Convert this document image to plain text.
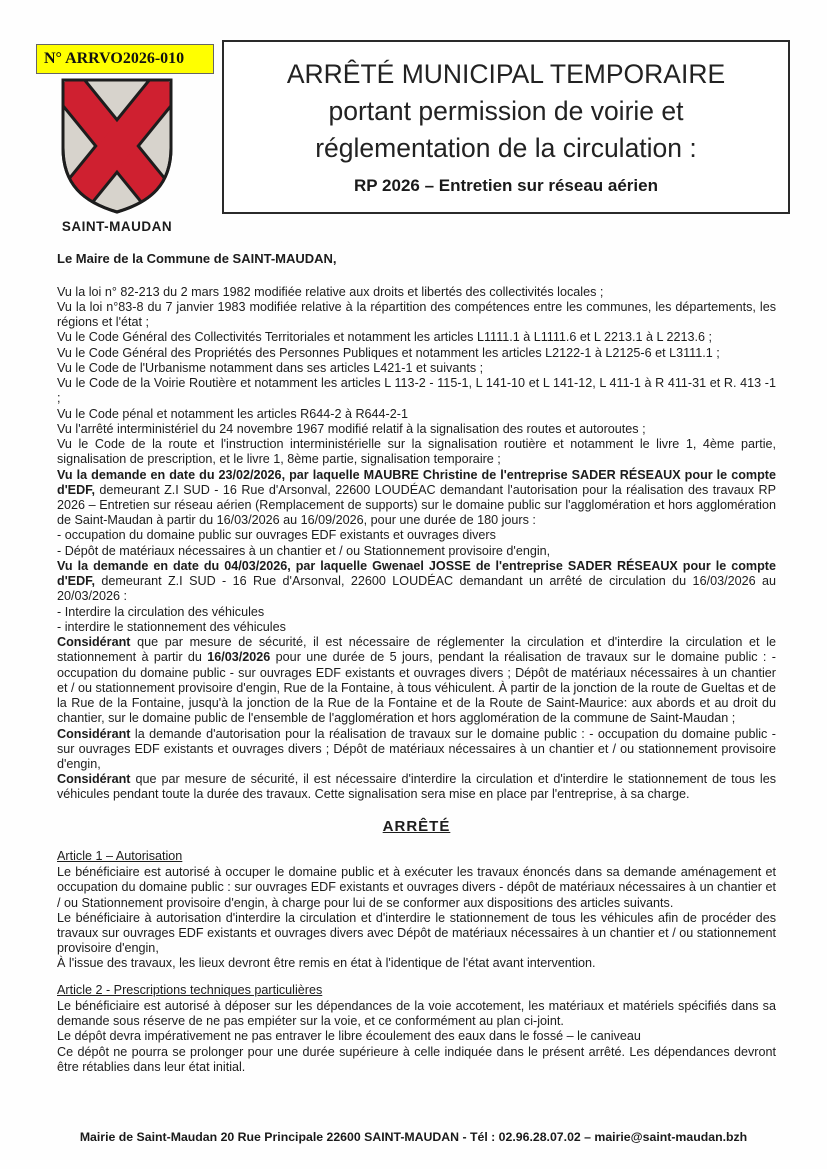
N° ARRVO2026-010
SAINT-MAUDAN
ARRÊTÉ MUNICIPAL TEMPORAIRE
portant permission de voirie et
réglementation de la circulation :
RP 2026 – Entretien sur réseau aérien

Le Maire de la Commune de SAINT-MAUDAN,

Vu la loi n° 82-213 du 2 mars 1982 modifiée relative aux droits et libertés des collectivités locales ;

Vu la loi n°83-8 du 7 janvier 1983 modifiée relative à la répartition des compétences entre les communes, les départements, les régions et l'état ;

Vu le Code Général des Collectivités Territoriales et notamment les articles L1111.1 à L1111.6 et L 2213.1 à L 2213.6 ;

Vu le Code Général des Propriétés des Personnes Publiques et notamment les articles L2122-1 à L2125-6 et L3111.1 ;

Vu le Code de l'Urbanisme notamment dans ses articles L421-1 et suivants ;

Vu le Code de la Voirie Routière et notamment les articles L 113-2 - 115-1, L 141-10 et L 141-12, L 411-1 à R 411-31 et R. 413 -1 ;

Vu le Code pénal et notamment les articles R644-2 à R644-2-1

Vu l'arrêté interministériel du 24 novembre 1967 modifié relatif à la signalisation des routes et autoroutes ;

Vu le Code de la route et l'instruction interministérielle sur la signalisation routière et notamment le livre 1, 4ème partie, signalisation de prescription, et le livre 1, 8ème partie, signalisation temporaire ;

Vu la demande en date du 23/02/2026, par laquelle MAUBRE Christine de l'entreprise SADER RÉSEAUX pour le compte d'EDF, demeurant Z.I SUD - 16 Rue d'Arsonval, 22600 LOUDÉAC demandant l'autorisation pour la réalisation des travaux RP 2026 – Entretien sur réseau aérien (Remplacement de supports) sur le domaine public sur l'agglomération et hors agglomération de Saint-Maudan à partir du 16/03/2026 au 16/09/2026, pour une durée de 180 jours :

- occupation du domaine public sur ouvrages EDF existants et ouvrages divers

- Dépôt de matériaux nécessaires à un chantier et / ou Stationnement provisoire d'engin,

Vu la demande en date du 04/03/2026, par laquelle Gwenael JOSSE de l'entreprise SADER RÉSEAUX pour le compte d'EDF, demeurant Z.I SUD - 16 Rue d'Arsonval, 22600 LOUDÉAC demandant un arrêté de circulation du 16/03/2026 au 20/03/2026 :

- Interdire la circulation des véhicules

- interdire le stationnement des véhicules

Considérant que par mesure de sécurité, il est nécessaire de réglementer la circulation et d'interdire la circulation et le stationnement à partir du 16/03/2026 pour une durée de 5 jours, pendant la réalisation de travaux sur le domaine public : - occupation du domaine public - sur ouvrages EDF existants et ouvrages divers ; Dépôt de matériaux nécessaires à un chantier et / ou stationnement provisoire d'engin, Rue de la Fontaine, à tous véhiculent. À partir de la jonction de la route de Gueltas et de la Rue de la Fontaine, jusqu'à la jonction de la Rue de la Fontaine et de la Route de Saint-Maurice: aux abords et au droit du chantier, sur le domaine public de l'ensemble de l'agglomération et hors agglomération de la commune de Saint-Maudan ;

Considérant la demande d'autorisation pour la réalisation de travaux sur le domaine public : - occupation du domaine public - sur ouvrages EDF existants et ouvrages divers ; Dépôt de matériaux nécessaires à un chantier et / ou stationnement provisoire d'engin,

Considérant que par mesure de sécurité, il est nécessaire d'interdire la circulation et d'interdire le stationnement de tous les véhicules pendant toute la durée des travaux. Cette signalisation sera mise en place par l'entreprise, à sa charge.

ARRÊTÉ
Article 1 – Autorisation

Le bénéficiaire est autorisé à occuper le domaine public et à exécuter les travaux énoncés dans sa demande aménagement et occupation du domaine public : sur ouvrages EDF existants et ouvrages divers - dépôt de matériaux nécessaires à un chantier et / ou Stationnement provisoire d'engin, à charge pour lui de se conformer aux dispositions des articles suivants.

Le bénéficiaire à autorisation d'interdire la circulation et d'interdire le stationnement de tous les véhicules afin de procéder des travaux sur ouvrages EDF existants et ouvrages divers avec Dépôt de matériaux nécessaires à un chantier et / ou stationnement provisoire d'engin,

À l'issue des travaux, les lieux devront être remis en état à l'identique de l'état avant intervention.

Article 2 - Prescriptions techniques particulières

Le bénéficiaire est autorisé à déposer sur les dépendances de la voie accotement, les matériaux et matériels spécifiés dans sa demande sous réserve de ne pas empiéter sur la voie, et ce conformément au plan ci-joint.

Le dépôt devra impérativement ne pas entraver le libre écoulement des eaux dans le fossé – le caniveau

Ce dépôt ne pourra se prolonger pour une durée supérieure à celle indiquée dans le présent arrêté. Les dépendances devront être rétablies dans leur état initial.

Mairie de Saint-Maudan 20 Rue Principale 22600 SAINT-MAUDAN - Tél : 02.96.28.07.02 – mairie@saint-maudan.bzh
